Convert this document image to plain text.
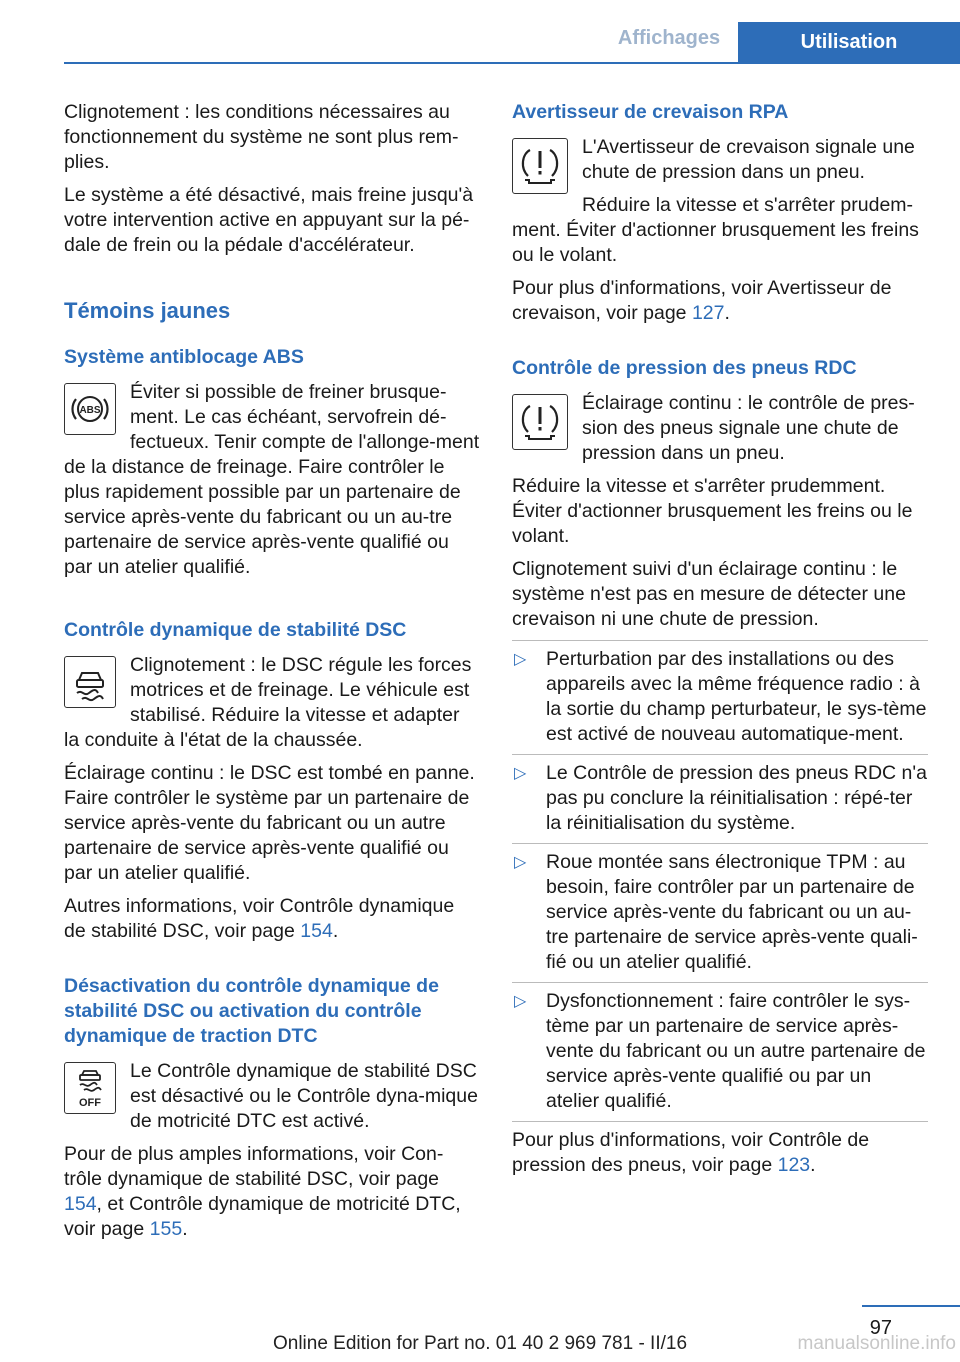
Affichages	Utilisation

Clignotement : les conditions nécessaires au fonctionnement du système ne sont plus rem‐plies.

Le système a été désactivé, mais freine jusqu'à votre intervention active en appuyant sur la pé‐dale de frein ou la pédale d'accélérateur.

Témoins jaunes
Système antiblocage ABS
ABS

Éviter si possible de freiner brusque‐ment. Le cas échéant, servofrein dé‐fectueux. Tenir compte de l'allonge‐ment de la distance de freinage. Faire contrôler le plus rapidement possible par un partenaire de service après-vente du fabricant ou un au‐tre partenaire de service après-vente qualifié ou par un atelier qualifié.

Contrôle dynamique de stabilité DSC

Clignotement : le DSC régule les forces motrices et de freinage. Le véhicule est stabilisé. Réduire la vitesse et adapter la conduite à l'état de la chaussée.

Éclairage continu : le DSC est tombé en panne. Faire contrôler le système par un partenaire de service après-vente du fabricant ou un autre partenaire de service après-vente qualifié ou par un atelier qualifié.

Autres informations, voir Contrôle dynamique de stabilité DSC, voir page 154.

Désactivation du contrôle dynamique de stabilité DSC ou activation du contrôle dynamique de traction DTC
OFF

Le Contrôle dynamique de stabilité DSC est désactivé ou le Contrôle dyna‐mique de motricité DTC est activé.

Pour de plus amples informations, voir Con‐trôle dynamique de stabilité DSC, voir page 154, et Contrôle dynamique de motricité DTC, voir page 155.

Avertisseur de crevaison RPA

L'Avertisseur de crevaison signale une chute de pression dans un pneu.

Réduire la vitesse et s'arrêter prudem‐ment. Éviter d'actionner brusquement les freins ou le volant.

Pour plus d'informations, voir Avertisseur de crevaison, voir page 127.

Contrôle de pression des pneus RDC

Éclairage continu : le contrôle de pres‐sion des pneus signale une chute de pression dans un pneu.

Réduire la vitesse et s'arrêter prudemment. Éviter d'actionner brusquement les freins ou le volant.

Clignotement suivi d'un éclairage continu : le système n'est pas en mesure de détecter une crevaison ni une chute de pression.

▷ Perturbation par des installations ou des appareils avec la même fréquence radio : à la sortie du champ perturbateur, le sys‐tème est activé de nouveau automatique‐ment.
▷ Le Contrôle de pression des pneus RDC n'a pas pu conclure la réinitialisation : répé‐ter la réinitialisation du système.
▷ Roue montée sans électronique TPM : au besoin, faire contrôler par un partenaire de service après-vente du fabricant ou un au‐tre partenaire de service après-vente quali‐fié ou un atelier qualifié.
▷ Dysfonctionnement : faire contrôler le sys‐tème par un partenaire de service après-vente du fabricant ou un autre partenaire de service après-vente qualifié ou par un atelier qualifié.

Pour plus d'informations, voir Contrôle de pression des pneus, voir page 123.

97
Online Edition for Part no. 01 40 2 969 781 - II/16	manualsonline.info
